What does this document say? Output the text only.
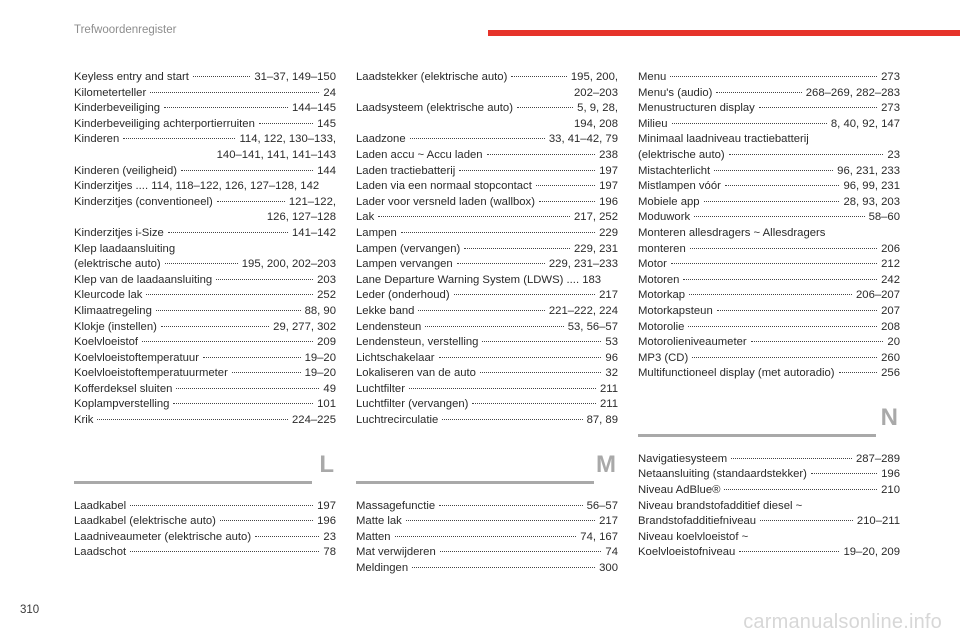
Trefwoordenregister
Keyless entry and start	31–37, 149–150
Kilometerteller	24
Kinderbeveiliging	144–145
Kinderbeveiliging achterportierruiten	145
Kinderen	114, 122, 130–133,
140–141, 141, 141–143
Kinderen (veiligheid)	144
Kinderzitjes .... 114, 118–122, 126, 127–128, 142
Kinderzitjes (conventioneel)	121–122,
126, 127–128
Kinderzitjes i-Size	141–142
Klep laadaansluiting
(elektrische auto)	195, 200, 202–203
Klep van de laadaansluiting	203
Kleurcode lak	252
Klimaatregeling	88, 90
Klokje (instellen)	29, 277, 302
Koelvloeistof	209
Koelvloeistoftemperatuur	19–20
Koelvloeistoftemperatuurmeter	19–20
Kofferdeksel sluiten	49
Koplampverstelling	101
Krik	224–225
L
Laadkabel	197
Laadkabel (elektrische auto)	196
Laadniveaumeter (elektrische auto)	23
Laadschot	78
Laadstekker (elektrische auto)	195, 200,
202–203
Laadsysteem (elektrische auto)	5, 9, 28,
194, 208
Laadzone	33, 41–42, 79
Laden accu ~ Accu laden	238
Laden tractiebatterij	197
Laden via een normaal stopcontact	197
Lader voor versneld laden (wallbox)	196
Lak	217, 252
Lampen	229
Lampen (vervangen)	229, 231
Lampen vervangen	229, 231–233
Lane Departure Warning System (LDWS) .... 183
Leder (onderhoud)	217
Lekke band	221–222, 224
Lendensteun	53, 56–57
Lendensteun, verstelling	53
Lichtschakelaar	96
Lokaliseren van de auto	32
Luchtfilter	211
Luchtfilter (vervangen)	211
Luchtrecirculatie	87, 89
M
Massagefunctie	56–57
Matte lak	217
Matten	74, 167
Mat verwijderen	74
Meldingen	300
Menu	273
Menu's (audio)	268–269, 282–283
Menustructuren display	273
Milieu	8, 40, 92, 147
Minimaal laadniveau tractiebatterij
(elektrische auto)	23
Mistachterlicht	96, 231, 233
Mistlampen vóór	96, 99, 231
Mobiele app	28, 93, 203
Moduwork	58–60
Monteren allesdragers ~ Allesdragers
monteren	206
Motor	212
Motoren	242
Motorkap	206–207
Motorkapsteun	207
Motorolie	208
Motorolieniveaumeter	20
MP3 (CD)	260
Multifunctioneel display (met autoradio)	256
N
Navigatiesysteem	287–289
Netaansluiting (standaardstekker)	196
Niveau AdBlue®	210
Niveau brandstofadditief diesel ~
Brandstofadditiefniveau	210–211
Niveau koelvloeistof ~
Koelvloeistofniveau	19–20, 209
310
carmanualsonline.info
